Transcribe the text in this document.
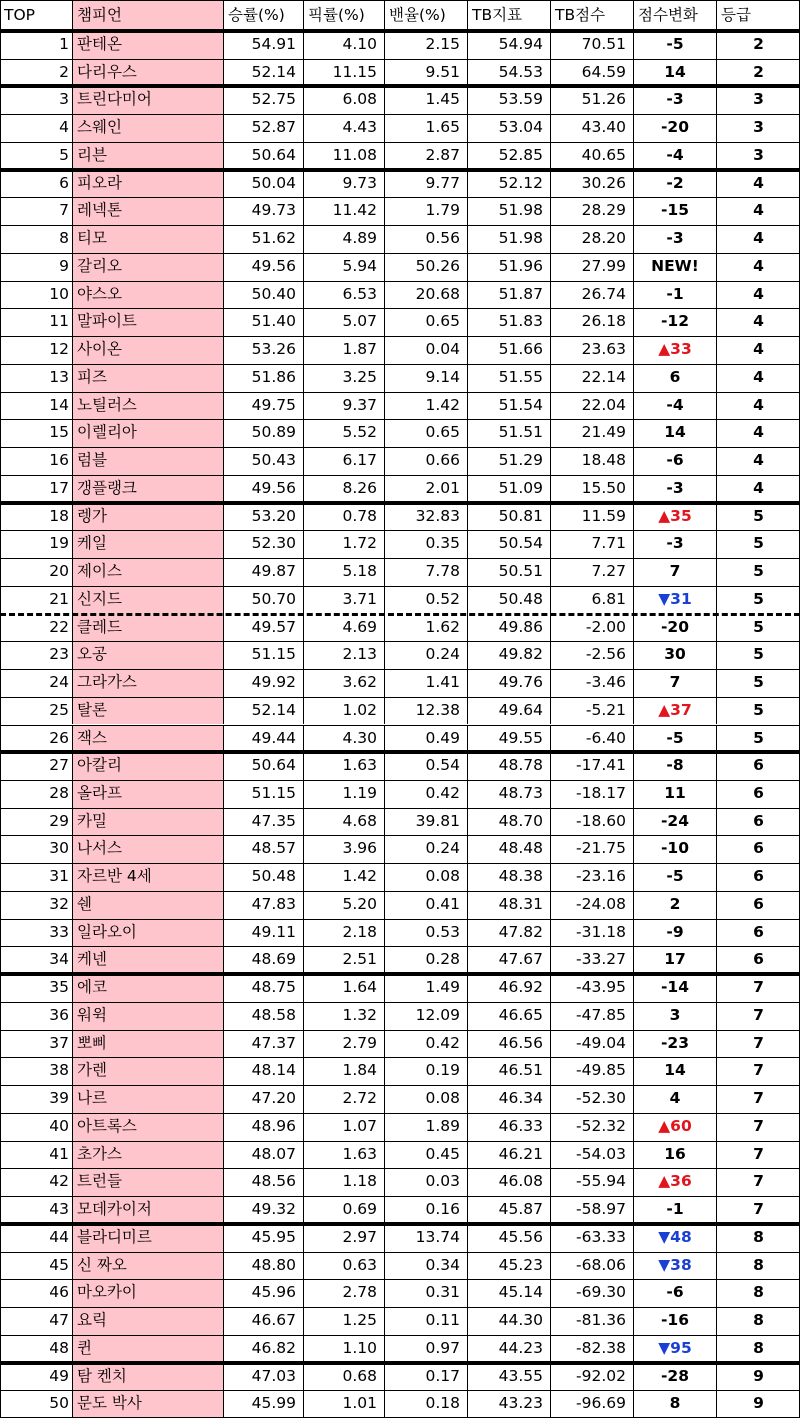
TOP	챔피언	승률(%)	픽률(%)	밴율(%)	TB지표	TB점수	점수변화	등급
1 판테온	54.91	4.10	2.15	54.94	70.51	-5	2
2 다리우스	52.14	11.15	9.51	54.53	64.59	14	2
3 트린다미어	52.75	6.08	1.45	53.59	51.26	-3	3
4 스웨인	52.87	4.43	1.65	53.04	43.40	-20	3
5 리븐	50.64	11.08	2.87	52.85	40.65	-4	3
6 피오라	50.04	9.73	9.77	52.12	30.26	-2	4
7 레넥톤	49.73	11.42	1.79	51.98	28.29	-15	4
8 티모	51.62	4.89	0.56	51.98	28.20	-3	4
9 갈리오	49.56	5.94	50.26	51.96	27.99	NEW!	4
10 야스오	50.40	6.53	20.68	51.87	26.74	-1	4
11 말파이트	51.40	5.07	0.65	51.83	26.18	-12	4
12 사이온	53.26	1.87	0.04	51.66	23.63	▲33	4
13 피즈	51.86	3.25	9.14	51.55	22.14	6	4
14 노틸러스	49.75	9.37	1.42	51.54	22.04	-4	4
15 이렐리아	50.89	5.52	0.65	51.51	21.49	14	4
16 럼블	50.43	6.17	0.66	51.29	18.48	-6	4
17 갱플랭크	49.56	8.26	2.01	51.09	15.50	-3	4
18 렝가	53.20	0.78	32.83	50.81	11.59	▲35	5
19 케일	52.30	1.72	0.35	50.54	7.71	-3	5
20 제이스	49.87	5.18	7.78	50.51	7.27	7	5
21 신지드	50.70	3.71	0.52	50.48	6.81	▼31	5
22 클레드	49.57	4.69	1.62	49.86	-2.00	-20	5
23 오공	51.15	2.13	0.24	49.82	-2.56	30	5
24 그라가스	49.92	3.62	1.41	49.76	-3.46	7	5
25 탈론	52.14	1.02	12.38	49.64	-5.21	▲37	5
26 잭스	49.44	4.30	0.49	49.55	-6.40	-5	5
27 아칼리	50.64	1.63	0.54	48.78	-17.41	-8	6
28 올라프	51.15	1.19	0.42	48.73	-18.17	11	6
29 카밀	47.35	4.68	39.81	48.70	-18.60	-24	6
30 나서스	48.57	3.96	0.24	48.48	-21.75	-10	6
31 자르반 4세	50.48	1.42	0.08	48.38	-23.16	-5	6
32 쉔	47.83	5.20	0.41	48.31	-24.08	2	6
33 일라오이	49.11	2.18	0.53	47.82	-31.18	-9	6
34 케넨	48.69	2.51	0.28	47.67	-33.27	17	6
35 에코	48.75	1.64	1.49	46.92	-43.95	-14	7
36 워윅	48.58	1.32	12.09	46.65	-47.85	3	7
37 뽀삐	47.37	2.79	0.42	46.56	-49.04	-23	7
38 가렌	48.14	1.84	0.19	46.51	-49.85	14	7
39 나르	47.20	2.72	0.08	46.34	-52.30	4	7
40 아트록스	48.96	1.07	1.89	46.33	-52.32	▲60	7
41 초가스	48.07	1.63	0.45	46.21	-54.03	16	7
42 트런들	48.56	1.18	0.03	46.08	-55.94	▲36	7
43 모데카이저	49.32	0.69	0.16	45.87	-58.97	-1	7
44 블라디미르	45.95	2.97	13.74	45.56	-63.33	▼48	8
45 신 짜오	48.80	0.63	0.34	45.23	-68.06	▼38	8
46 마오카이	45.96	2.78	0.31	45.14	-69.30	-6	8
47 요릭	46.67	1.25	0.11	44.30	-81.36	-16	8
48 퀸	46.82	1.10	0.97	44.23	-82.38	▼95	8
49 탐 켄치	47.03	0.68	0.17	43.55	-92.02	-28	9
50 문도 박사	45.99	1.01	0.18	43.23	-96.69	8	9
